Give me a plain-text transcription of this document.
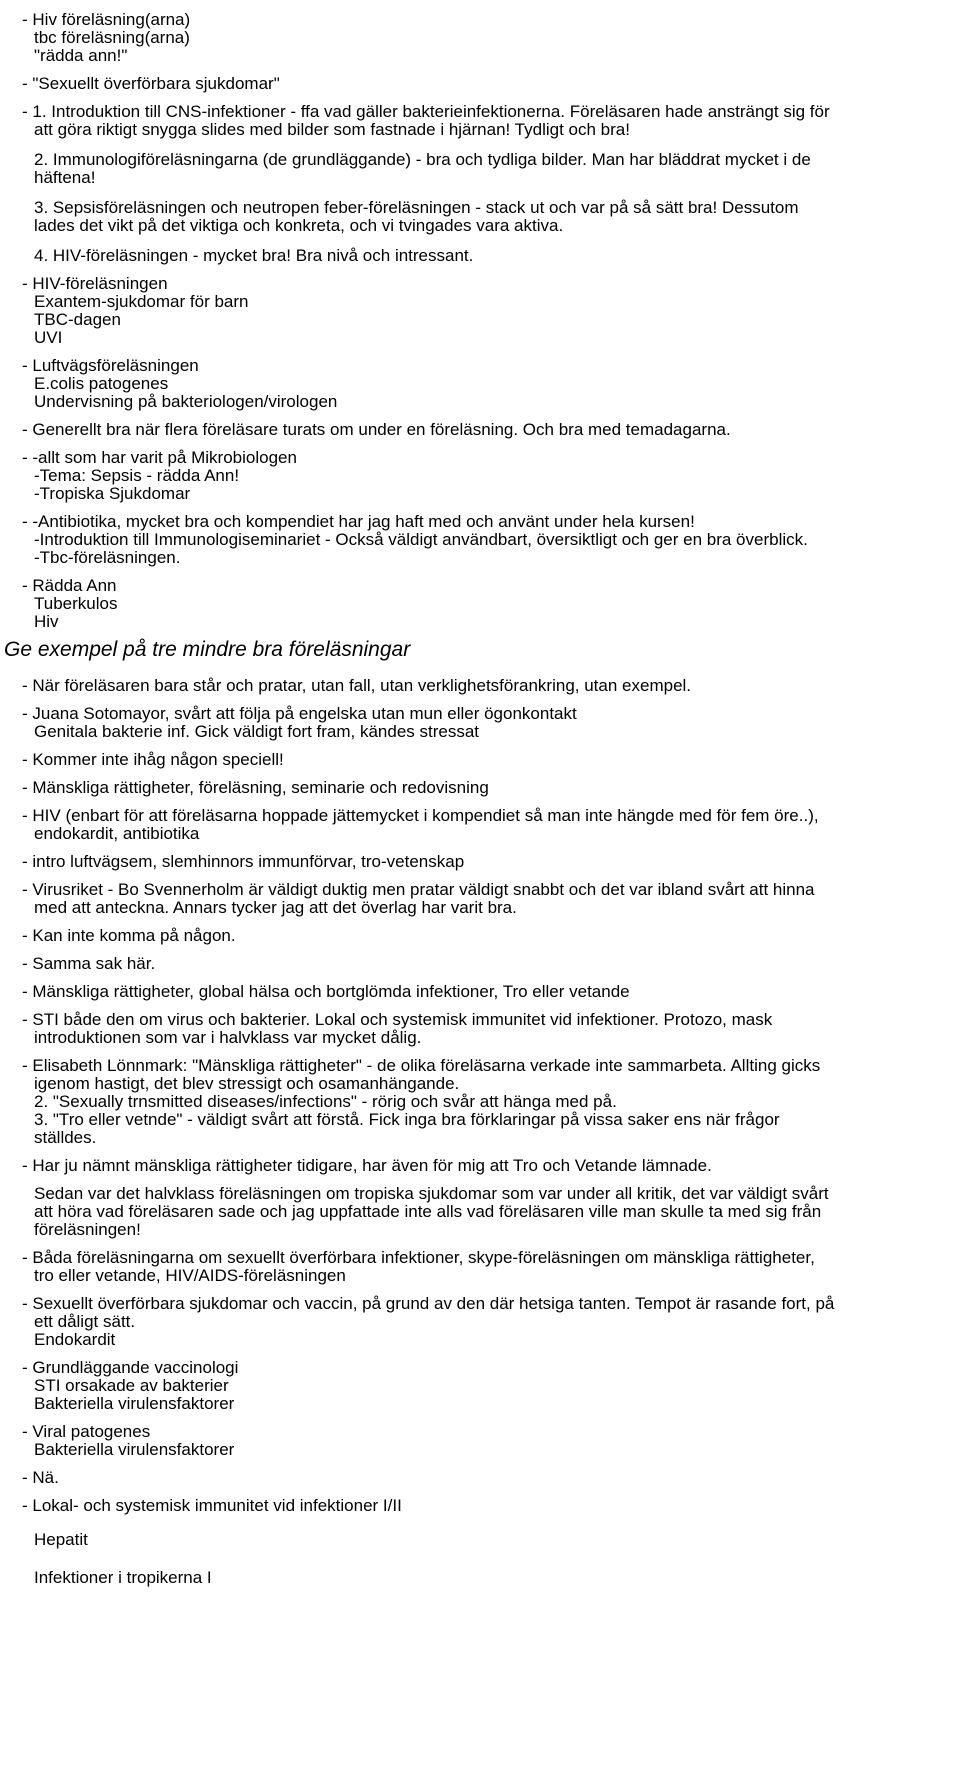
- Hiv föreläsning(arna)
tbc föreläsning(arna)
"rädda ann!"
- "Sexuellt överförbara sjukdomar"
- 1. Introduktion till CNS-infektioner - ffa vad gäller bakterieinfektionerna. Föreläsaren hade ansträngt sig för
att göra riktigt snygga slides med bilder som fastnade i hjärnan! Tydligt och bra!
2. Immunologiföreläsningarna (de grundläggande) - bra och tydliga bilder. Man har bläddrat mycket i de
häftena!
3. Sepsisföreläsningen och neutropen feber-föreläsningen - stack ut och var på så sätt bra! Dessutom
lades det vikt på det viktiga och konkreta, och vi tvingades vara aktiva.
4. HIV-föreläsningen - mycket bra! Bra nivå och intressant.
- HIV-föreläsningen
Exantem-sjukdomar för barn
TBC-dagen
UVI
- Luftvägsföreläsningen
E.colis patogenes
Undervisning på bakteriologen/virologen
- Generellt bra när flera föreläsare turats om under en föreläsning. Och bra med temadagarna.
- -allt som har varit på Mikrobiologen
-Tema: Sepsis - rädda Ann!
-Tropiska Sjukdomar
- -Antibiotika, mycket bra och kompendiet har jag haft med och använt under hela kursen!
-Introduktion till Immunologiseminariet - Också väldigt användbart, översiktligt och ger en bra överblick.
-Tbc-föreläsningen.
- Rädda Ann
Tuberkulos
Hiv
Ge exempel på tre mindre bra föreläsningar
- När föreläsaren bara står och pratar, utan fall, utan verklighetsförankring, utan exempel.
- Juana Sotomayor, svårt att följa på engelska utan mun eller ögonkontakt
Genitala bakterie inf. Gick väldigt fort fram, kändes stressat
- Kommer inte ihåg någon speciell!
- Mänskliga rättigheter, föreläsning, seminarie och redovisning
- HIV (enbart för att föreläsarna hoppade jättemycket i kompendiet så man inte hängde med för fem öre..),
endokardit, antibiotika
- intro luftvägsem, slemhinnors immunförvar, tro-vetenskap
- Virusriket - Bo Svennerholm är väldigt duktig men pratar väldigt snabbt och det var ibland svårt att hinna
med att anteckna. Annars tycker jag att det överlag har varit bra.
- Kan inte komma på någon.
- Samma sak här.
- Mänskliga rättigheter, global hälsa och bortglömda infektioner, Tro eller vetande
- STI både den om virus och bakterier. Lokal och systemisk immunitet vid infektioner. Protozo, mask
introduktionen som var i halvklass var mycket dålig.
- Elisabeth Lönnmark: "Mänskliga rättigheter" - de olika föreläsarna verkade inte sammarbeta. Allting gicks
igenom hastigt, det blev stressigt och osamanhängande.
2. "Sexually trnsmitted diseases/infections" - rörig och svår att hänga med på.
3. "Tro eller vetnde" - väldigt svårt att förstå. Fick inga bra förklaringar på vissa saker ens när frågor
ställdes.
- Har ju nämnt mänskliga rättigheter tidigare, har även för mig att Tro och Vetande lämnade.
Sedan var det halvklass föreläsningen om tropiska sjukdomar som var under all kritik, det var väldigt svårt
att höra vad föreläsaren sade och jag uppfattade inte alls vad föreläsaren ville man skulle ta med sig från
föreläsningen!
- Båda föreläsningarna om sexuellt överförbara infektioner, skype-föreläsningen om mänskliga rättigheter,
tro eller vetande, HIV/AIDS-föreläsningen
- Sexuellt överförbara sjukdomar och vaccin, på grund av den där hetsiga tanten. Tempot är rasande fort, på
ett dåligt sätt.
Endokardit
- Grundläggande vaccinologi
STI orsakade av bakterier
Bakteriella virulensfaktorer
- Viral patogenes
Bakteriella virulensfaktorer
- Nä.
- Lokal- och systemisk immunitet vid infektioner I/II
Hepatit
Infektioner i tropikerna I
